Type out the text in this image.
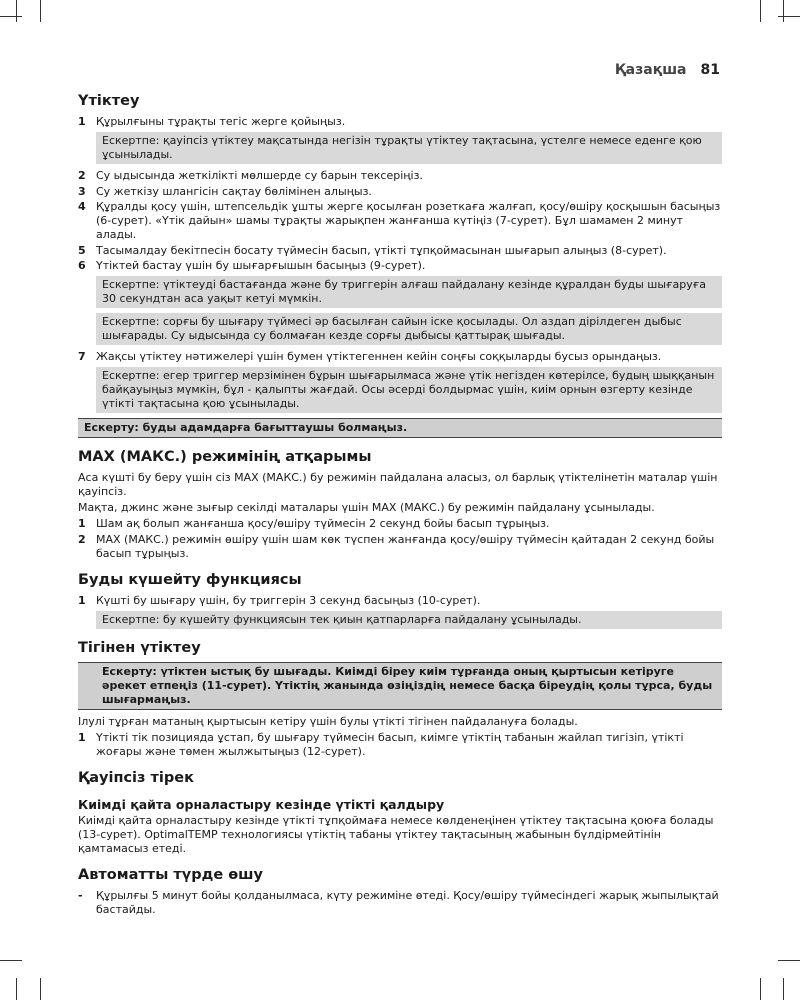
Қазақша 81
Үтіктеу
1 Құрылғыны тұрақты тегіс жерге қойыңыз.
Ескертпе: қауіпсіз үтіктеу мақсатында негізін тұрақты үтіктеу тақтасына, үстелге немесе еденге қою ұсынылады.
2 Су ыдысында жеткілікті мөлшерде су барын тексеріңіз.
3 Су жеткізу шлангісін сақтау бөлімінен алыңыз.
4 Құралды қосу үшін, штепсельдік ұшты жерге қосылған розеткаға жалғап, қосу/өшіру қосқышын басыңыз (6-сурет). «Үтік дайын» шамы тұрақты жарықпен жанғанша күтіңіз (7-сурет). Бұл шамамен 2 минут алады.
5 Тасымалдау бекітпесін босату түймесін басып, үтікті тұпқоймасынан шығарып алыңыз (8-сурет).
6 Үтіктей бастау үшін бу шығарғышын басыңыз (9-сурет).
Ескертпе: үтіктеуді бастағанда және бу триггерін алғаш пайдалану кезінде құралдан буды шығаруға 30 секундтан аса уақыт кетуі мүмкін.
Ескертпе: сорғы бу шығару түймесі әр басылған сайын іске қосылады. Ол аздап дірілдеген дыбыс шығарады. Су ыдысында су болмаған кезде сорғы дыбысы қаттырақ шығады.
7 Жақсы үтіктеу нәтижелері үшін бумен үтіктегеннен кейін соңғы соққыларды бусыз орындаңыз.
Ескертпе: егер триггер мерзімінен бұрын шығарылмаса және үтік негізден көтерілсе, будың шыққанын байқауыңыз мүмкін, бұл - қалыпты жағдай. Осы әсерді болдырмас үшін, киім орнын өзгерту кезінде үтікті тақтасына қою ұсынылады.
Ескерту: буды адамдарға бағыттаушы болмаңыз.
MAX (МАКС.) режимінің атқарымы
Аса күшті бу беру үшін сіз MAX (МАКС.) бу режимін пайдалана аласыз, ол барлық үтіктелінетін маталар үшін қауіпсіз.
Мақта, джинс және зығыр секілді маталары үшін MAX (МАКС.) бу режимін пайдалану ұсынылады.
1 Шам ақ болып жанғанша қосу/өшіру түймесін 2 секунд бойы басып тұрыңыз.
2 MAX (МАКС.) режимін өшіру үшін шам көк түспен жанғанда қосу/өшіру түймесін қайтадан 2 секунд бойы басып тұрыңыз.
Буды күшейту функциясы
1 Күшті бу шығару үшін, бу триггерін 3 секунд басыңыз (10-сурет).
Ескертпе: бу күшейту функциясын тек қиын қатпарларға пайдалану ұсынылады.
Тігінен үтіктеу
Ескерту: үтіктен ыстық бу шығады. Киімді біреу киім тұрғанда оның қыртысын кетіруге әрекет етпеңіз (11-сурет). Үтіктің жанында өзіңіздің немесе басқа біреудің қолы тұрса, буды шығармаңыз.
Ілулі тұрған матаның қыртысын кетіру үшін булы үтікті тігінен пайдалануға болады.
1 Үтікті тік позицияда ұстап, бу шығару түймесін басып, киімге үтіктің табанын жайлап тигізіп, үтікті жоғары және төмен жылжытыңыз (12-сурет).
Қауіпсіз тірек
Киімді қайта орналастыру кезінде үтікті қалдыру
Киімді қайта орналастыру кезінде үтікті тұпқоймаға немесе көлденеңінен үтіктеу тақтасына қоюға болады (13-сурет). OptimalTEMP технологиясы үтіктің табаны үтіктеу тақтасының жабынын бүлдірмейтінін қамтамасыз етеді.
Автоматты түрде өшу
-	Құрылғы 5 минут бойы қолданылмаса, күту режиміне өтеді. Қосу/өшіру түймесіндегі жарық жыпылықтай бастайды.
